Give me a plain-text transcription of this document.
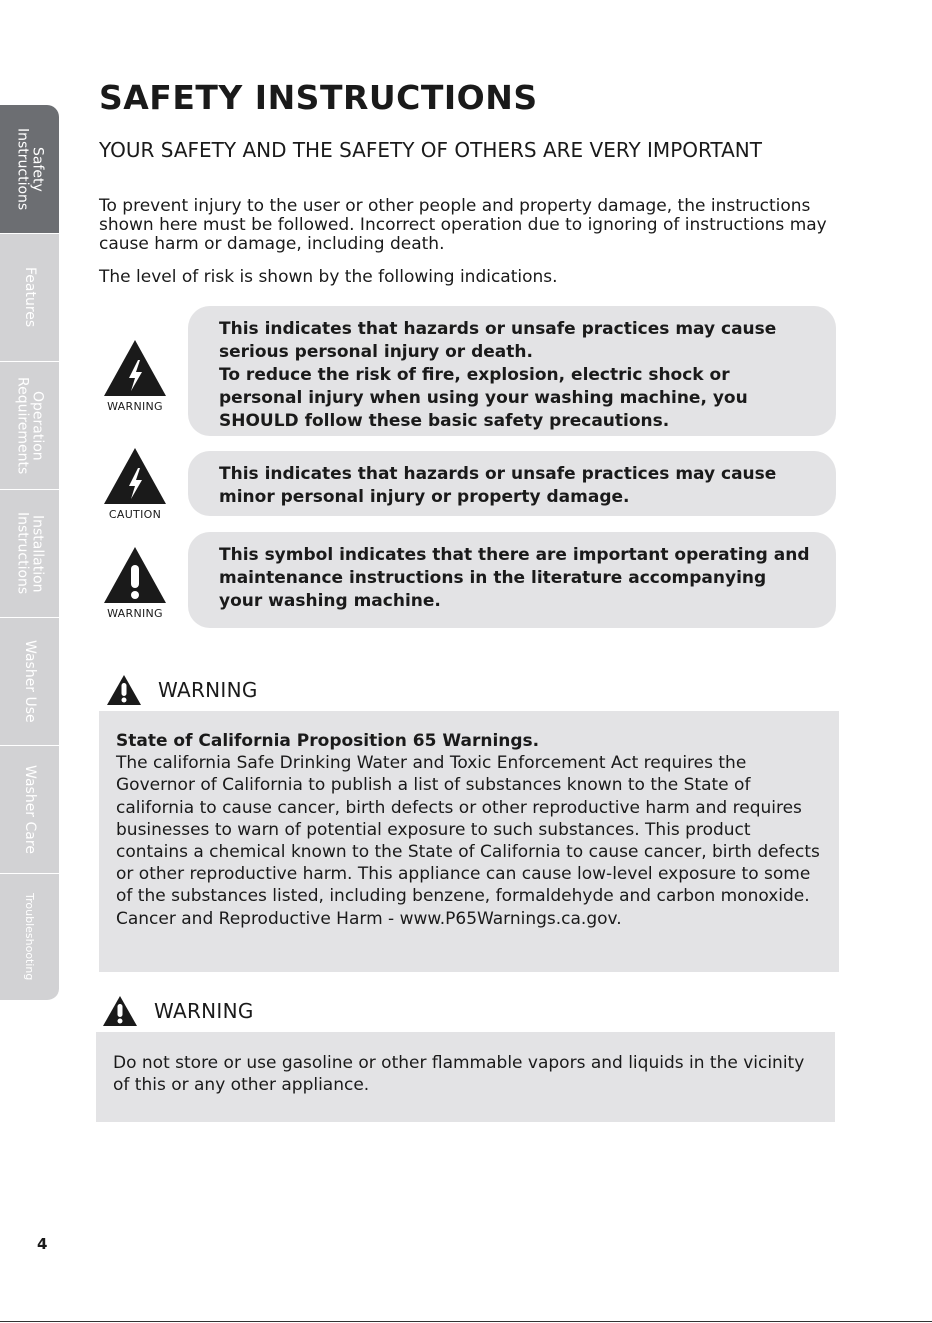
Safety
Instructions
Features
Operation
Requirements
Installation
Instructions
Washer Use
Washer Care
Troubleshooting
SAFETY INSTRUCTIONS
YOUR SAFETY AND THE SAFETY OF OTHERS ARE VERY IMPORTANT

To prevent injury to the user or other people and property damage, the instructions shown here must be followed. Incorrect operation due to ignoring of instructions may cause harm or damage, including death.

The level of risk is shown by the following indications.

WARNING
This indicates that hazards or unsafe practices may cause serious personal injury or death.
To reduce the risk of fire, explosion, electric shock or personal injury when using your washing machine, you SHOULD follow these basic safety precautions.
CAUTION
This indicates that hazards or unsafe practices may cause minor personal injury or property damage.
WARNING
This symbol indicates that there are important operating and maintenance instructions in the literature accompanying your washing machine.
WARNING
State of California Proposition 65 Warnings.
The california Safe Drinking Water and Toxic Enforcement Act requires the Governor of California to publish a list of substances known to the State of california to cause cancer, birth defects or other reproductive harm and requires businesses to warn of potential exposure to such substances. This product contains a chemical known to the State of California to cause cancer, birth defects or other reproductive harm. This appliance can cause low-level exposure to some of the substances listed, including benzene, formaldehyde and carbon monoxide. Cancer and Reproductive Harm - www.P65Warnings.ca.gov.
WARNING
Do not store or use gasoline or other flammable vapors and liquids in the vicinity of this or any other appliance.
4
